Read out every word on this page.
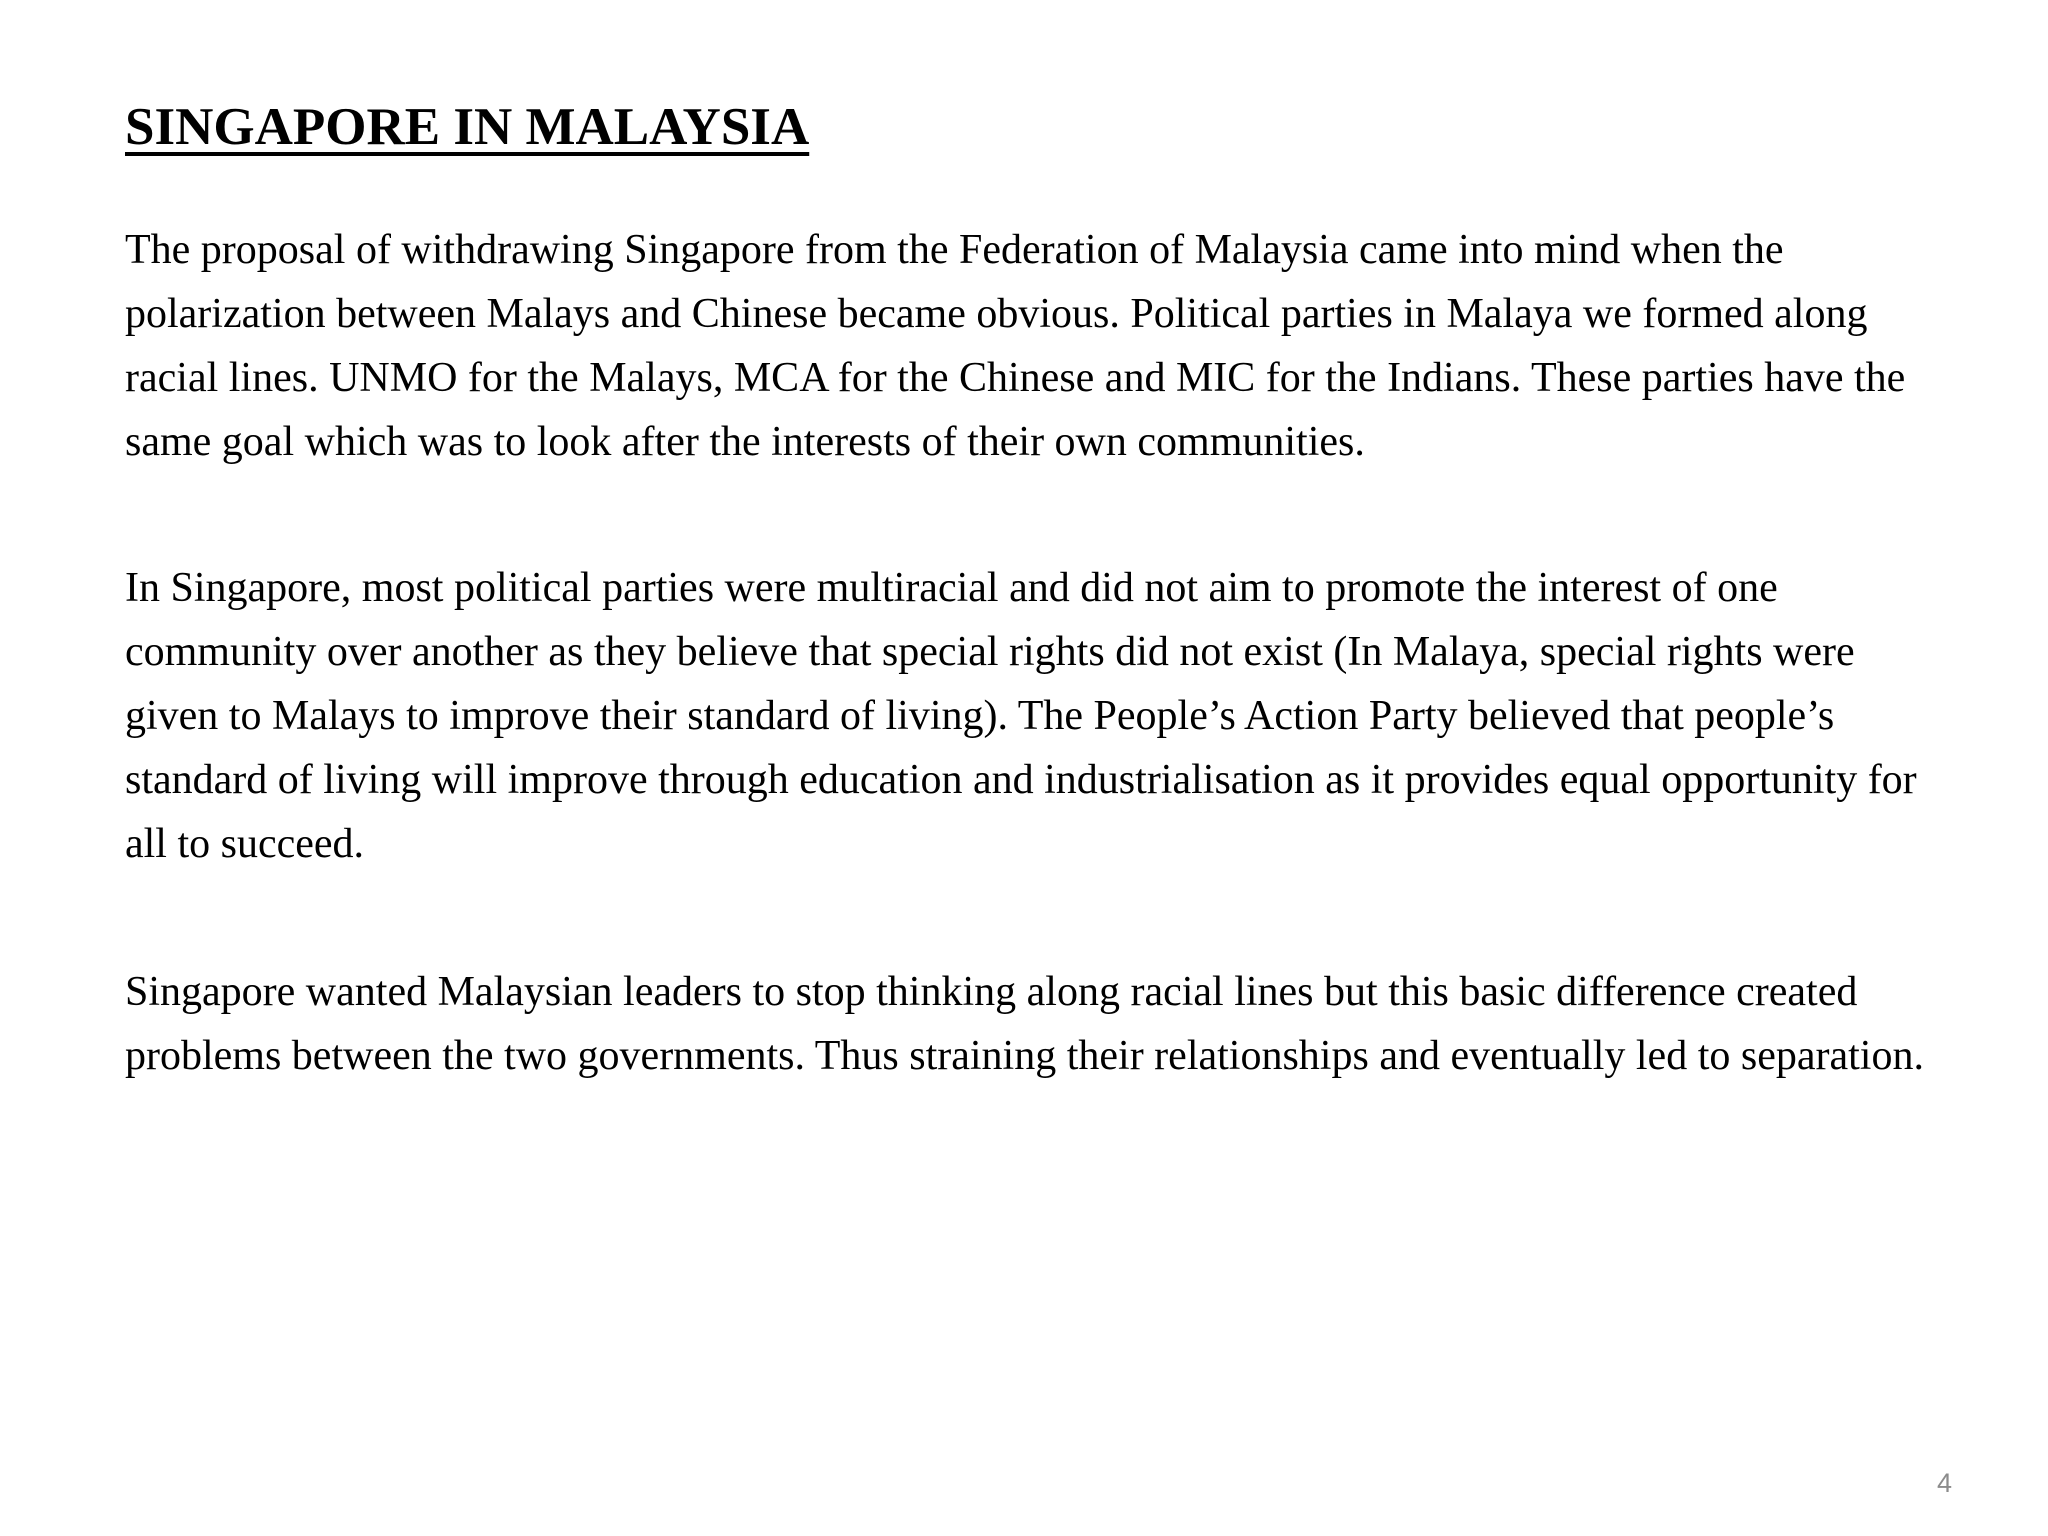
SINGAPORE IN MALAYSIA

The proposal of withdrawing Singapore from the Federation of Malaysia came into mind when the polarization between Malays and Chinese became obvious. Political parties in Malaya we formed along racial lines. UNMO for the Malays, MCA for the Chinese and MIC for the Indians. These parties have the same goal which was to look after the interests of their own communities.

In Singapore, most political parties were multiracial and did not aim to promote the interest of one community over another as they believe that special rights did not exist (In Malaya, special rights were given to Malays to improve their standard of living). The People’s Action Party believed that people’s standard of living will improve through education and industrialisation as it provides equal opportunity for all to succeed.

Singapore wanted Malaysian leaders to stop thinking along racial lines but this basic difference created problems between the two governments. Thus straining their relationships and eventually led to separation.

4
